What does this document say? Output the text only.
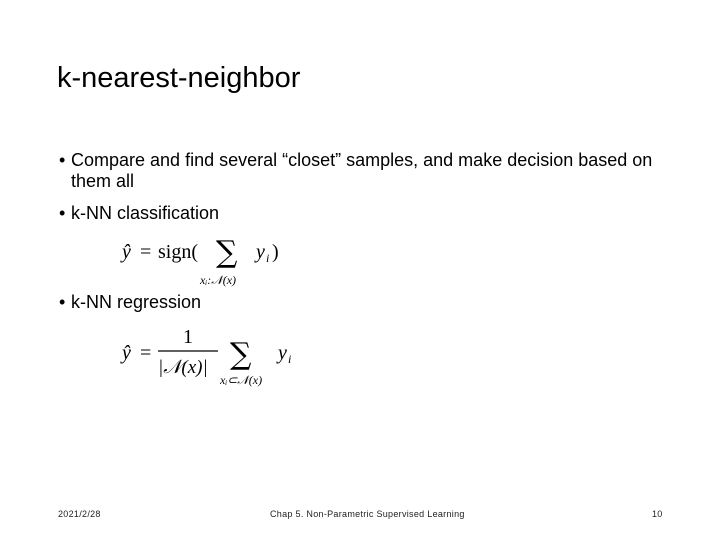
k-nearest-neighbor
• Compare and find several “closet” samples, and make decision based on them all
• k-NN classification
ŷ = sign( ∑ y i )
xᵢ:𝒩(x)
• k-NN regression
ŷ =
1
|𝒩(x)| ∑ y i
xᵢ⊂𝒩(x)
2021/2/28	Chap 5. Non-Parametric Supervised Learning	10
